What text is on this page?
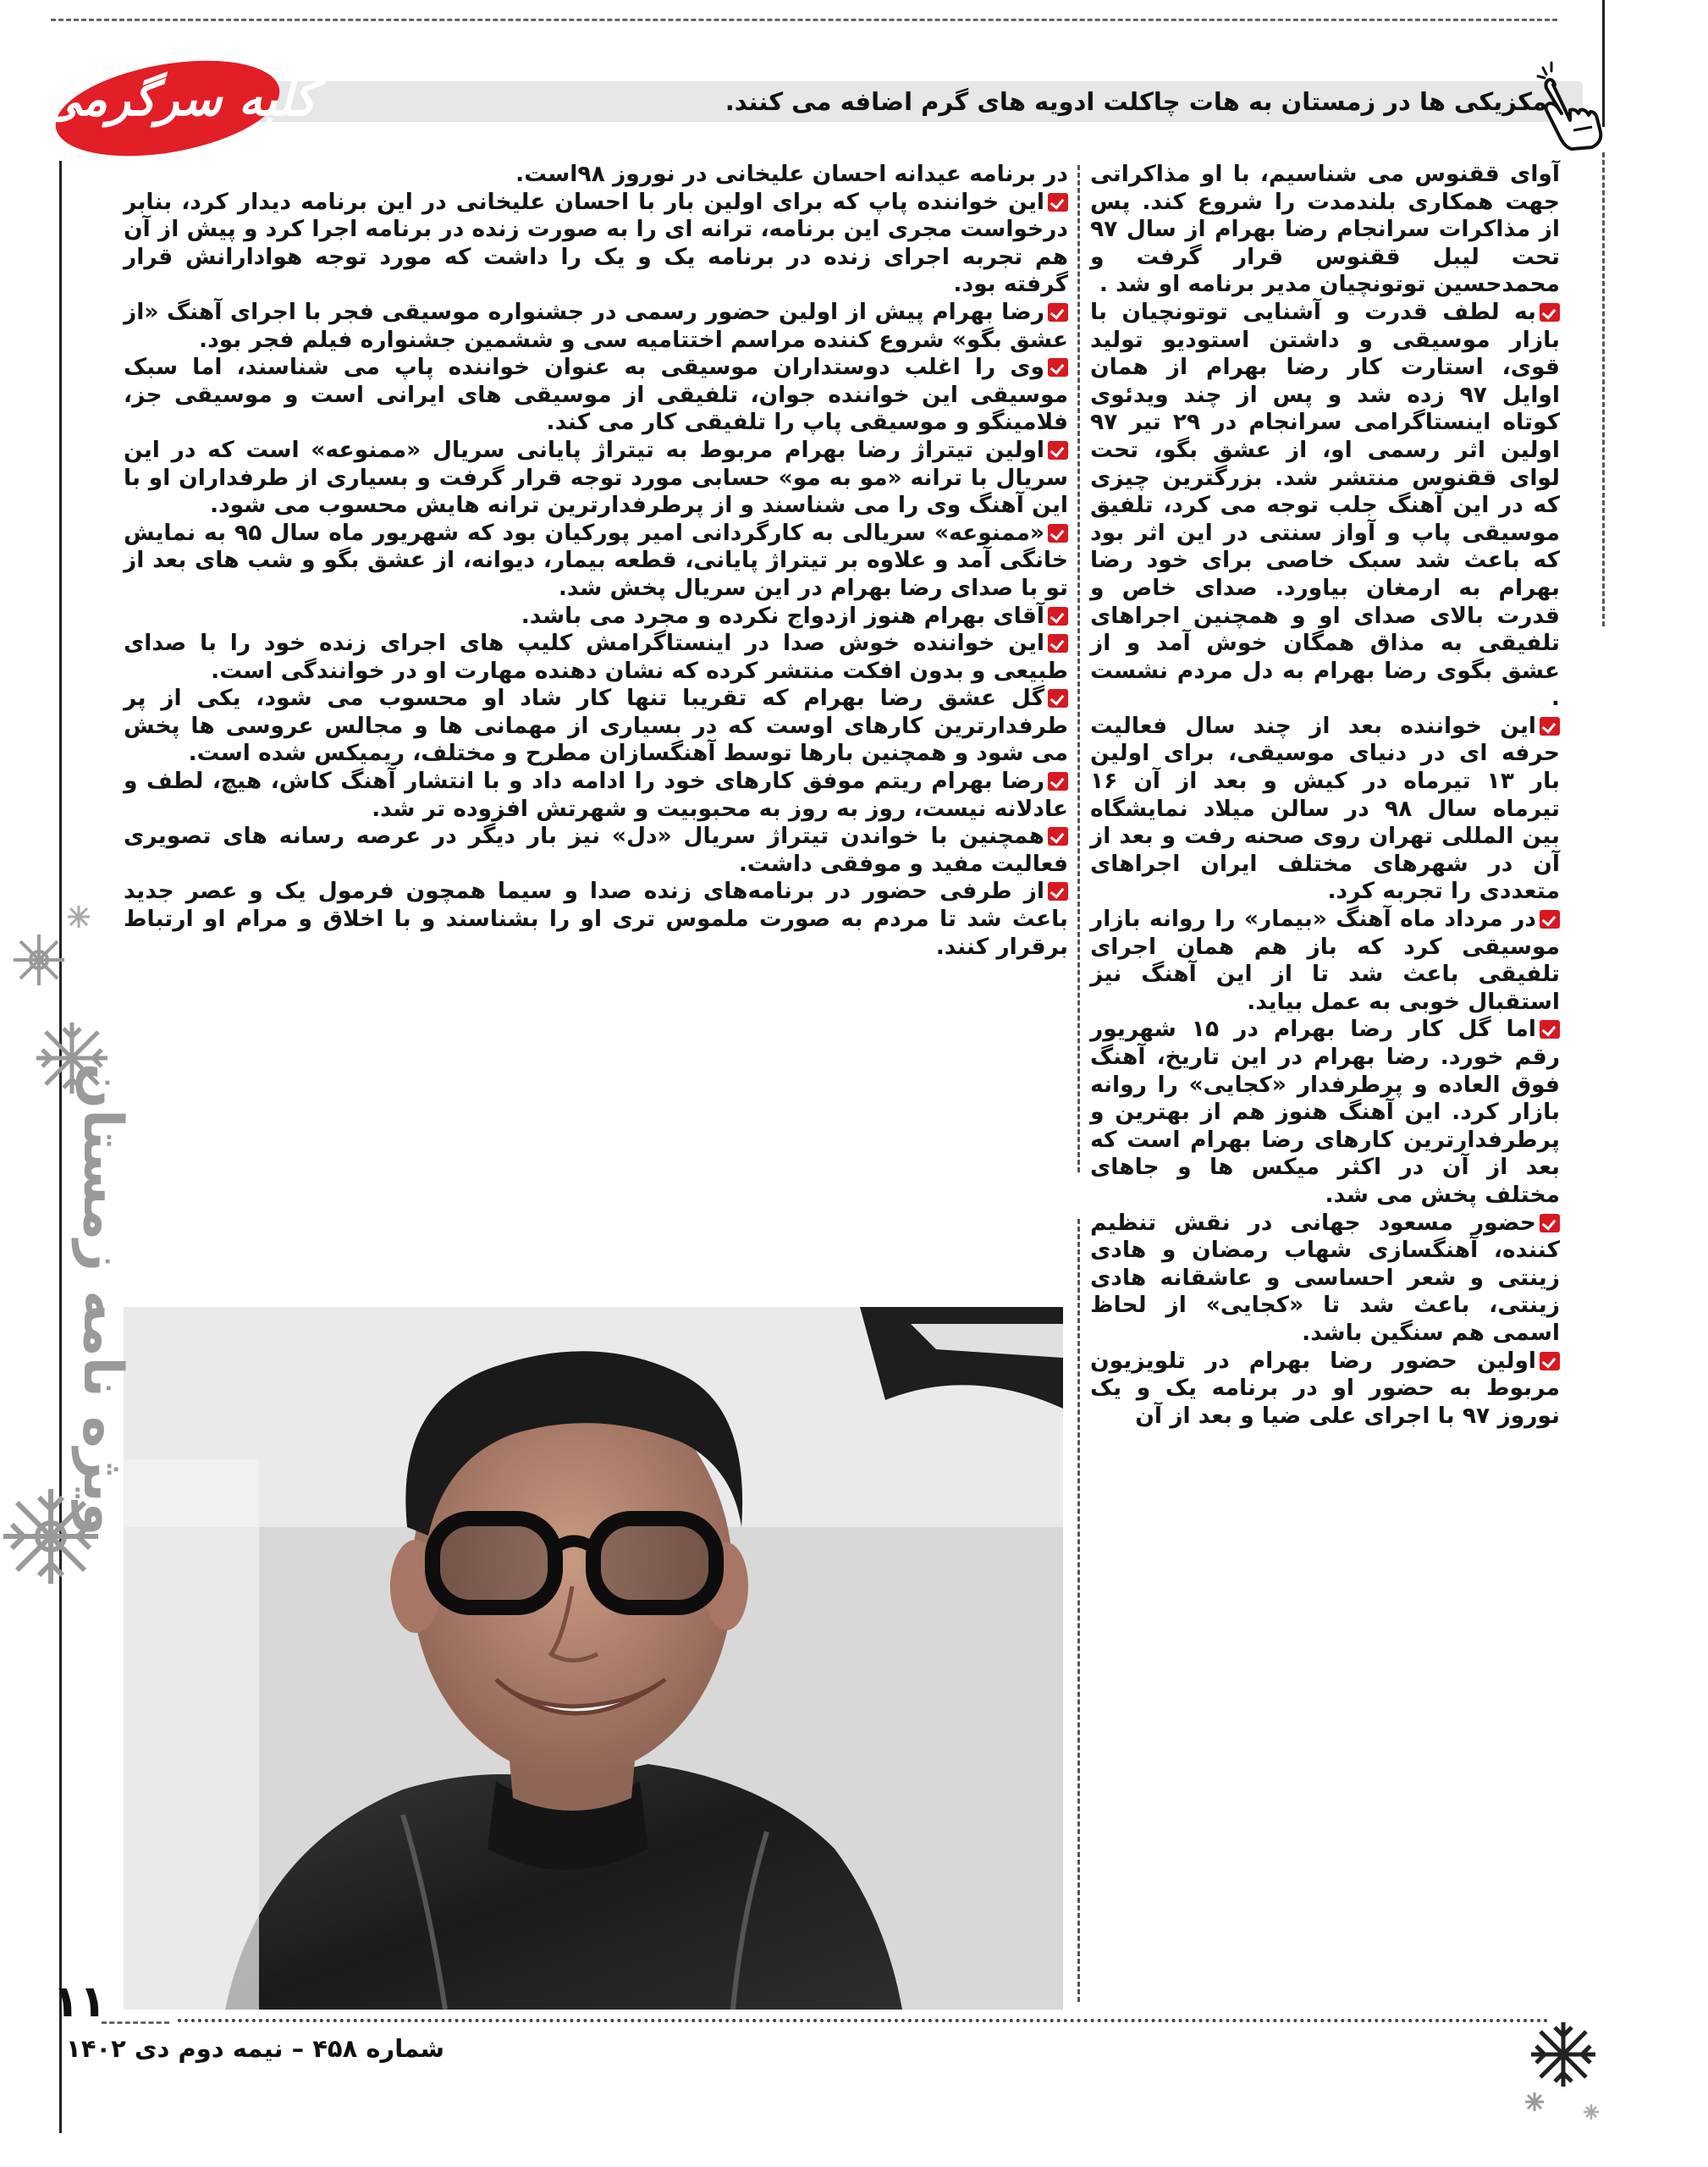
مکزیکی ها در زمستان به هات چاکلت ادویه های گرم اضافه می کنند.
کلبه سرگرمی

آوای ققنوس می شناسیم، با او مذاکراتی جهت همکاری بلندمدت را شروع کند. پس از مذاکرات سرانجام رضا بهرام از سال ۹۷ تحت لیبل ققنوس قرار گرفت و محمدحسین توتونچیان مدیر برنامه او شد .

به لطف قدرت و آشنایی توتونچیان با بازار موسیقی و داشتن استودیو تولید قوی، استارت کار رضا بهرام از همان اوایل ۹۷ زده شد و پس از چند ویدئوی کوتاه اینستاگرامی سرانجام در ۲۹ تیر ۹۷ اولین اثر رسمی او، از عشق بگو، تحت لوای ققنوس منتشر شد. بزرگترین چیزی که در این آهنگ جلب توجه می کرد، تلفیق موسیقی پاپ و آواز سنتی در این اثر بود که باعث شد سبک خاصی برای خود رضا بهرام به ارمغان بیاورد. صدای خاص و قدرت بالای صدای او و همچنین اجراهای تلفیقی به مذاق همگان خوش آمد و از عشق بگوی رضا بهرام به دل مردم نشست .

این خواننده بعد از چند سال فعالیت حرفه ای در دنیای موسیقی، برای اولین بار ۱۳ تیرماه در کیش و بعد از آن ۱۶ تیرماه سال ۹۸ در سالن میلاد نمایشگاه بین المللی تهران روی صحنه رفت و بعد از آن در شهرهای مختلف ایران اجراهای متعددی را تجربه کرد.

در مرداد ماه آهنگ «بیمار» را روانه بازار موسیقی کرد که باز هم همان اجرای تلفیقی باعث شد تا از این آهنگ نیز استقبال خوبی به عمل بیاید.

اما گل کار رضا بهرام در ۱۵ شهریور رقم خورد. رضا بهرام در این تاریخ، آهنگ فوق العاده و پرطرفدار «کجایی» را روانه بازار کرد. این آهنگ هنوز هم از بهترین و پرطرفدارترین کارهای رضا بهرام است که بعد از آن در اکثر میکس ها و جاهای مختلف پخش می شد.

حضور مسعود جهانی در نقش تنظیم کننده، آهنگسازی شهاب رمضان و هادی زینتی و شعر احساسی و عاشقانه هادی زینتی، باعث شد تا «کجایی» از لحاظ اسمی هم سنگین باشد.

اولین حضور رضا بهرام در تلویزیون مربوط به حضور او در برنامه یک و یک نوروز ۹۷ با اجرای علی ضیا و بعد از آن

در برنامه عیدانه احسان علیخانی در نوروز ۹۸است.

این خواننده پاپ که برای اولین بار با احسان علیخانی در این برنامه دیدار کرد، بنابر درخواست مجری این برنامه، ترانه ای را به صورت زنده در برنامه اجرا کرد و پیش از آن هم تجربه اجرای زنده در برنامه یک و یک را داشت که مورد توجه هوادارانش قرار گرفته بود.

رضا بهرام پیش از اولین حضور رسمی در جشنواره موسیقی فجر با اجرای آهنگ «از عشق بگو» شروع کننده مراسم اختتامیه سی و ششمین جشنواره فیلم فجر بود.

وی را اغلب دوستداران موسیقی به عنوان خواننده پاپ می شناسند، اما سبک موسیقی این خواننده جوان، تلفیقی از موسیقی های ایرانی است و موسیقی جز، فلامینگو و موسیقی پاپ را تلفیقی کار می کند.

اولین تیتراژ رضا بهرام مربوط به تیتراژ پایانی سریال «ممنوعه» است که در این سریال با ترانه «مو به مو» حسابی مورد توجه قرار گرفت و بسیاری از طرفداران او با این آهنگ وی را می شناسند و از پرطرفدارترین ترانه هایش محسوب می شود.

«ممنوعه» سریالی به کارگردانی امیر پورکیان بود که شهریور ماه سال ۹۵ به نمایش خانگی آمد و علاوه بر تیتراژ پایانی، قطعه بیمار، دیوانه، از عشق بگو و شب های بعد از تو با صدای رضا بهرام در این سریال پخش شد.

آقای بهرام هنوز ازدواج نکرده و مجرد می باشد.

این خواننده خوش صدا در اینستاگرامش کلیپ های اجرای زنده خود را با صدای طبیعی و بدون افکت منتشر کرده که نشان دهنده مهارت او در خوانندگی است.

گل عشق رضا بهرام که تقریبا تنها کار شاد او محسوب می شود، یکی از پر طرفدارترین کارهای اوست که در بسیاری از مهمانی ها و مجالس عروسی ها پخش می شود و همچنین بارها توسط آهنگسازان مطرح و مختلف، ریمیکس شده است.

رضا بهرام ریتم موفق کارهای خود را ادامه داد و با انتشار آهنگ کاش، هیچ، لطف و عادلانه نیست، روز به روز به محبوبیت و شهرتش افزوده تر شد.

همچنین با خواندن تیتراژ سریال «دل» نیز بار دیگر در عرصه رسانه های تصویری فعالیت مفید و موفقی داشت.

از طرفی حضور در برنامه‌های زنده صدا و سیما همچون فرمول یک و عصر جدید باعث شد تا مردم به صورت ملموس تری او را بشناسند و با اخلاق و مرام او ارتباط برقرار کنند.

ویژه نامه زمستان
۱۱
شماره ۴۵۸ – نیمه دوم دی ۱۴۰۲
